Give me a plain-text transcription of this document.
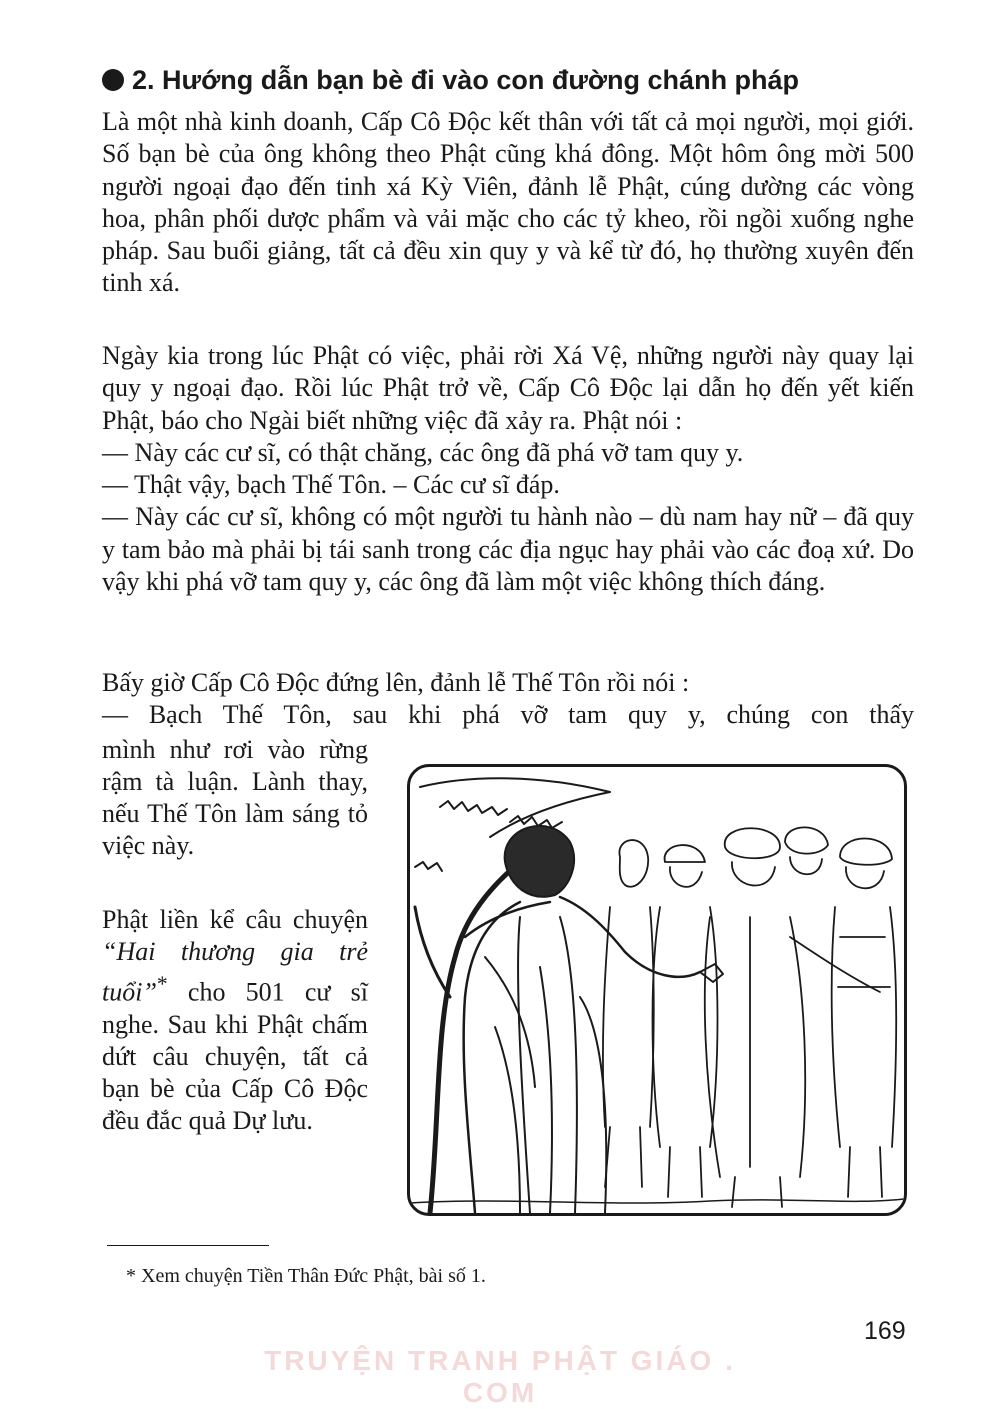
2. Hướng dẫn bạn bè đi vào con đường chánh pháp

Là một nhà kinh doanh, Cấp Cô Độc kết thân với tất cả mọi người, mọi giới. Số bạn bè của ông không theo Phật cũng khá đông. Một hôm ông mời 500 người ngoại đạo đến tinh xá Kỳ Viên, đảnh lễ Phật, cúng dường các vòng hoa, phân phối dược phẩm và vải mặc cho các tỷ kheo, rồi ngồi xuống nghe pháp. Sau buổi giảng, tất cả đều xin quy y và kể từ đó, họ thường xuyên đến tinh xá.

Ngày kia trong lúc Phật có việc, phải rời Xá Vệ, những người này quay lại quy y ngoại đạo. Rồi lúc Phật trở về, Cấp Cô Độc lại dẫn họ đến yết kiến Phật, báo cho Ngài biết những việc đã xảy ra. Phật nói :

— Này các cư sĩ, có thật chăng, các ông đã phá vỡ tam quy y.

— Thật vậy, bạch Thế Tôn. – Các cư sĩ đáp.

— Này các cư sĩ, không có một người tu hành nào – dù nam hay nữ – đã quy y tam bảo mà phải bị tái sanh trong các địa ngục hay phải vào các đoạ xứ. Do vậy khi phá vỡ tam quy y, các ông đã làm một việc không thích đáng.

Bấy giờ Cấp Cô Độc đứng lên, đảnh lễ Thế Tôn rồi nói :

— Bạch Thế Tôn, sau khi phá vỡ tam quy y, chúng con thấy

mình như rơi vào rừng rậm tà luận. Lành thay, nếu Thế Tôn làm sáng tỏ việc này.

Phật liền kể câu chuyện “Hai thương gia trẻ tuổi”* cho 501 cư sĩ nghe. Sau khi Phật chấm dứt câu chuyện, tất cả bạn bè của Cấp Cô Độc đều đắc quả Dự lưu.

* Xem chuyện Tiền Thân Đức Phật, bài số 1.
169
TRUYỆN TRANH PHẬT GIÁO . COM
